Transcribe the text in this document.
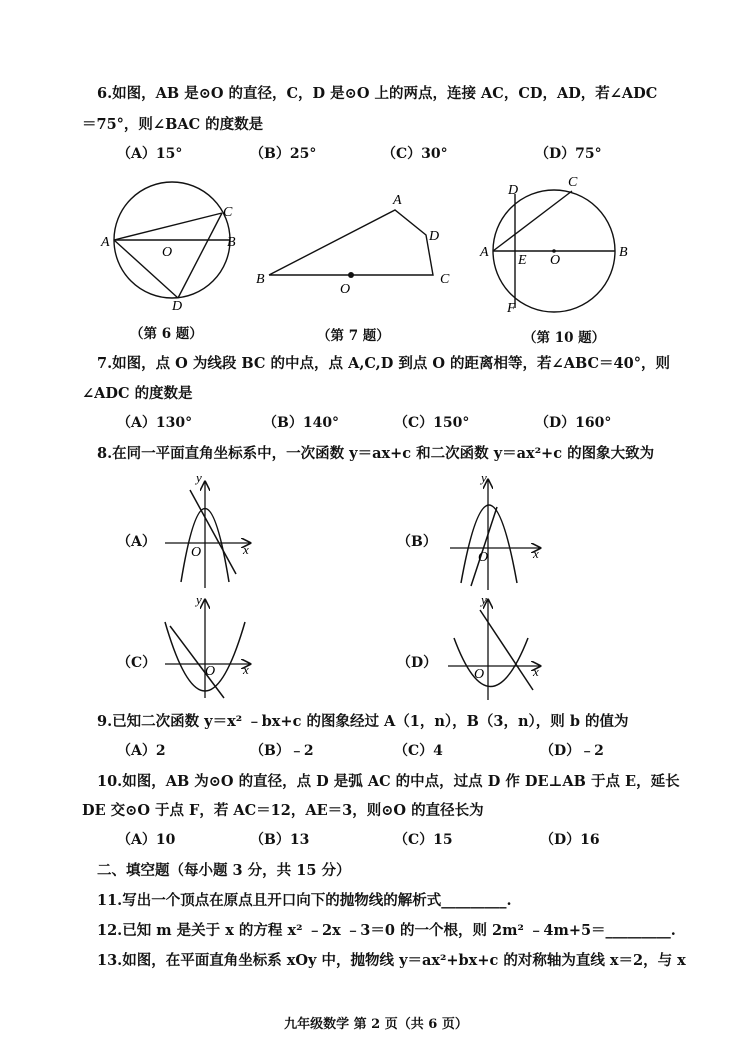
6.如图，AB 是⊙O 的直径，C，D 是⊙O 上的两点，连接 AC，CD，AD，若∠ADC
＝75°，则∠BAC 的度数是
（A）15°	（B）25°	（C）30°	（D）75°
A	B
C
D
O
B
A
D
C
O
A	B
C
D
E
F
O
（第 6 题）	（第 7 题）	（第 10 题）
7.如图，点 O 为线段 BC 的中点，点 A,C,D 到点 O 的距离相等，若∠ABC＝40°，则
∠ADC 的度数是
（A）130°	（B）140°	（C）150°	（D）160°
8.在同一平面直角坐标系中，一次函数 y＝ax+c 和二次函数 y＝ax²+c 的图象大致为
（A）	（B）
（C）	（D）
y
x
O
y
x
O
y
x
O
y
x
O
9.已知二次函数 y＝x² ﹣bx+c 的图象经过 A（1，n），B（3，n），则 b 的值为
（A）2	（B）﹣2	（C）4	（D）﹣2
10.如图，AB 为⊙O 的直径，点 D 是弧 AC 的中点，过点 D 作 DE⊥AB 于点 E，延长
DE 交⊙O 于点 F，若 AC＝12，AE＝3，则⊙O 的直径长为
（A）10	（B）13	（C）15	（D）16
二、填空题（每小题 3 分，共 15 分）
11.写出一个顶点在原点且开口向下的抛物线的解析式_________.
12.已知 m 是关于 x 的方程 x² ﹣2x ﹣3＝0 的一个根，则 2m² ﹣4m+5＝_________.
13.如图，在平面直角坐标系 xOy 中，抛物线 y＝ax²+bx+c 的对称轴为直线 x＝2，与 x
九年级数学 第 2 页（共 6 页）
